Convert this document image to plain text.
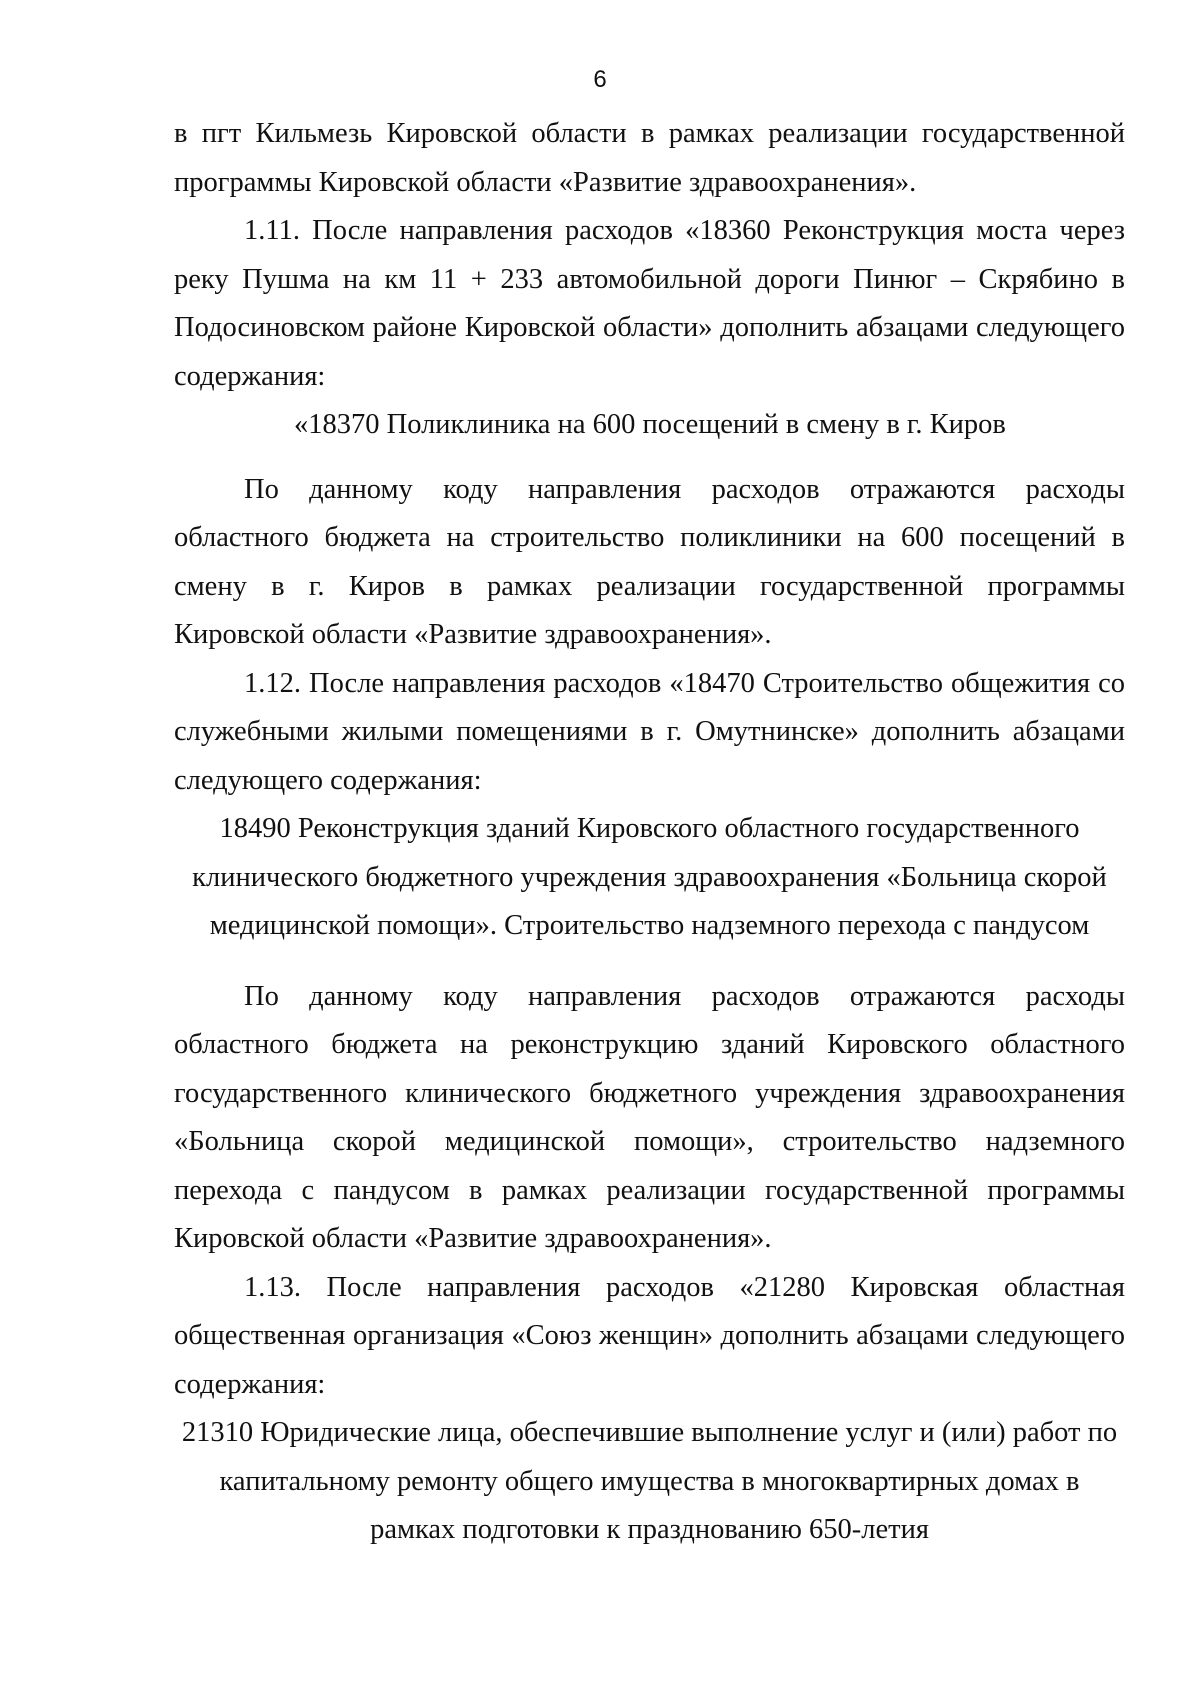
6

в пгт Кильмезь Кировской области в рамках реализации государственной программы Кировской области «Развитие здравоохранения».

1.11. После направления расходов «18360 Реконструкция моста через реку Пушма на км 11 + 233 автомобильной дороги Пинюг – Скрябино в Подосиновском районе Кировской области» дополнить абзацами следующего содержания:

«18370 Поликлиника на 600 посещений в смену в г. Киров

По данному коду направления расходов отражаются расходы областного бюджета на строительство поликлиники на 600 посещений в смену в г. Киров в рамках реализации государственной программы Кировской области «Развитие здравоохранения».

1.12. После направления расходов «18470 Строительство общежития со служебными жилыми помещениями в г. Омутнинске» дополнить абзацами следующего содержания:

18490 Реконструкция зданий Кировского областного государственного клинического бюджетного учреждения здравоохранения «Больница скорой медицинской помощи». Строительство надземного перехода с пандусом

По данному коду направления расходов отражаются расходы областного бюджета на реконструкцию зданий Кировского областного государственного клинического бюджетного учреждения здравоохранения «Больница скорой медицинской помощи», строительство надземного перехода с пандусом в рамках реализации государственной программы Кировской области «Развитие здравоохранения».

1.13. После направления расходов «21280 Кировская областная общественная организация «Союз женщин» дополнить абзацами следующего содержания:

21310 Юридические лица, обеспечившие выполнение услуг и (или) работ по капитальному ремонту общего имущества в многоквартирных домах в рамках подготовки к празднованию 650-летия
